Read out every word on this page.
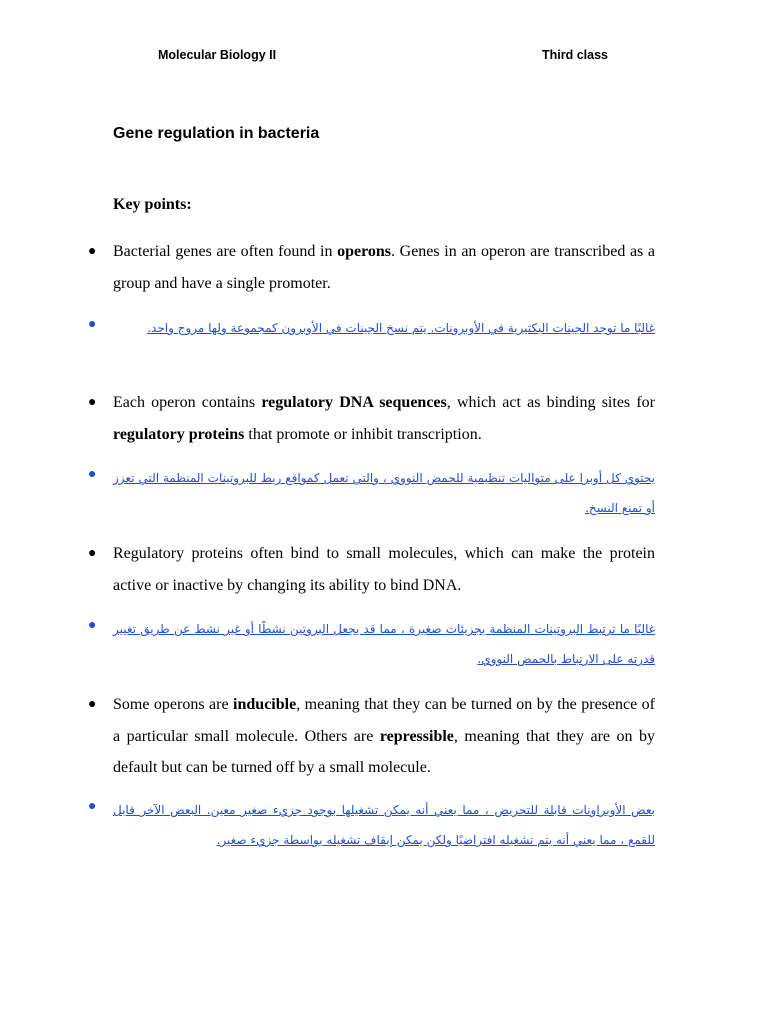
Molecular Biology II	Third class
Gene regulation in bacteria
Key points:
● Bacterial genes are often found in operons. Genes in an operon are transcribed as a group and have a single promoter.
●	غالبًا ما توجد الجينات البكتيرية في الأوبرونات. يتم نسخ الجينات في الأوبرون كمجموعة ولها مروج واحد.
● Each operon contains regulatory DNA sequences, which act as binding sites for regulatory proteins that promote or inhibit transcription.
● يحتوي كل أوبرا على متواليات تنظيمية للحمض النووي ، والتي تعمل كمواقع ربط للبروتينات المنظمة التي تعزز أو تمنع النسخ.
● Regulatory proteins often bind to small molecules, which can make the protein active or inactive by changing its ability to bind DNA.
● غالبًا ما ترتبط البروتينات المنظمة بجزيئات صغيرة ، مما قد يجعل البروتين نشطًا أو غير نشط عن طريق تغيير قدرته على الارتباط بالحمض النووي.
● Some operons are inducible, meaning that they can be turned on by the presence of a particular small molecule. Others are repressible, meaning that they are on by default but can be turned off by a small molecule.
● بعض الأوبراونات قابلة للتحريض ، مما يعني أنه يمكن تشغيلها بوجود جزيء صغير معين. البعض الآخر قابل للقمع ، مما يعني أنه يتم تشغيله افتراضيًا ولكن يمكن إيقاف تشغيله بواسطة جزيء صغير.
